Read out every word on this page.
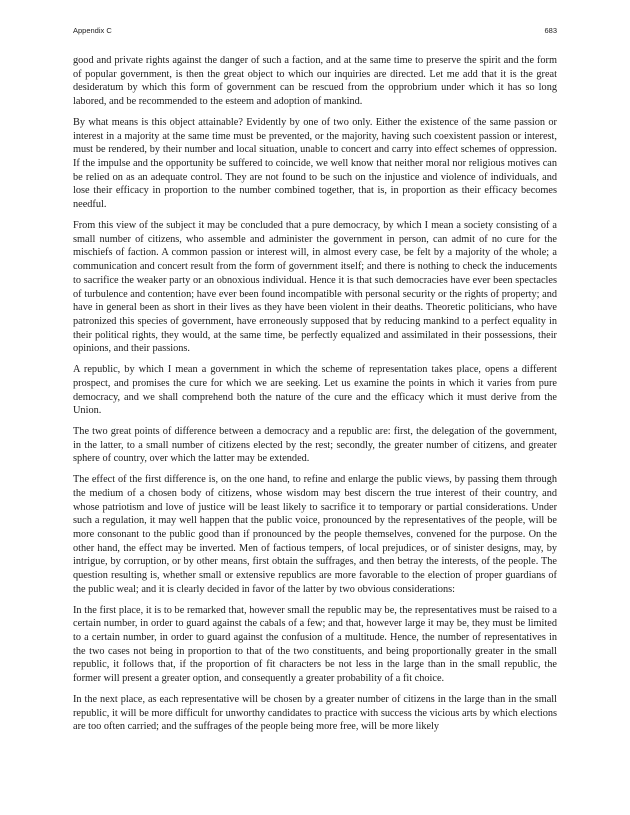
Appendix C	683

good and private rights against the danger of such a faction, and at the same time to preserve the spirit and the form of popular government, is then the great object to which our inquiries are directed. Let me add that it is the great desideratum by which this form of government can be rescued from the opprobrium under which it has so long labored, and be recommended to the esteem and adoption of mankind.

By what means is this object attainable? Evidently by one of two only. Either the existence of the same passion or interest in a majority at the same time must be prevented, or the majority, having such coexistent passion or interest, must be rendered, by their number and local situation, unable to concert and carry into effect schemes of oppression. If the impulse and the opportunity be suffered to coincide, we well know that neither moral nor religious motives can be relied on as an adequate control. They are not found to be such on the injustice and violence of individuals, and lose their efficacy in proportion to the number combined together, that is, in proportion as their efficacy becomes needful.

From this view of the subject it may be concluded that a pure democracy, by which I mean a society consisting of a small number of citizens, who assemble and administer the government in person, can admit of no cure for the mischiefs of faction. A common passion or interest will, in almost every case, be felt by a majority of the whole; a communication and concert result from the form of government itself; and there is nothing to check the inducements to sacrifice the weaker party or an obnoxious individual. Hence it is that such democracies have ever been spectacles of turbulence and contention; have ever been found incompatible with personal security or the rights of property; and have in general been as short in their lives as they have been violent in their deaths. Theoretic politicians, who have patronized this species of government, have erroneously supposed that by reducing mankind to a perfect equality in their political rights, they would, at the same time, be perfectly equalized and assimilated in their possessions, their opinions, and their passions.

A republic, by which I mean a government in which the scheme of representation takes place, opens a different prospect, and promises the cure for which we are seeking. Let us examine the points in which it varies from pure democracy, and we shall comprehend both the nature of the cure and the efficacy which it must derive from the Union.

The two great points of difference between a democracy and a republic are: first, the delegation of the government, in the latter, to a small number of citizens elected by the rest; secondly, the greater number of citizens, and greater sphere of country, over which the latter may be extended.

The effect of the first difference is, on the one hand, to refine and enlarge the public views, by passing them through the medium of a chosen body of citizens, whose wisdom may best discern the true interest of their country, and whose patriotism and love of justice will be least likely to sacrifice it to temporary or partial considerations. Under such a regulation, it may well happen that the public voice, pronounced by the representatives of the people, will be more consonant to the public good than if pronounced by the people themselves, convened for the purpose. On the other hand, the effect may be inverted. Men of factious tempers, of local prejudices, or of sinister designs, may, by intrigue, by corruption, or by other means, first obtain the suffrages, and then betray the interests, of the people. The question resulting is, whether small or extensive republics are more favorable to the election of proper guardians of the public weal; and it is clearly decided in favor of the latter by two obvious considerations:

In the first place, it is to be remarked that, however small the republic may be, the representatives must be raised to a certain number, in order to guard against the cabals of a few; and that, however large it may be, they must be limited to a certain number, in order to guard against the confusion of a multitude. Hence, the number of representatives in the two cases not being in proportion to that of the two constituents, and being proportionally greater in the small republic, it follows that, if the proportion of fit characters be not less in the large than in the small republic, the former will present a greater option, and consequently a greater probability of a fit choice.

In the next place, as each representative will be chosen by a greater number of citizens in the large than in the small republic, it will be more difficult for unworthy candidates to practice with success the vicious arts by which elections are too often carried; and the suffrages of the people being more free, will be more likely
